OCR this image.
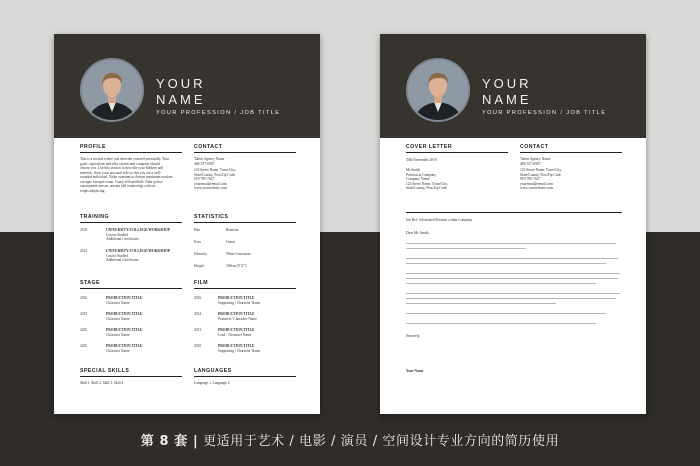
YOUR
NAME
YOUR PROFESSION / JOB TITLE
PROFILE
This is a section where you describe yourself personally. Your
goals, aspirations and why a particular company should
choose you. Use this section to describe your hobbies and
interests, show your personal side so that you are a well-
rounded individual. Value avantum ut dictum maximum nortiam
corrupte extrupte eaum. Cumy efficantiSolit. Nam qoloce
consequente mexae, aoteaia cdtl tenim ritigt volu est
eropis adipiscing.
CONTACT
Talent Agency Name
468-537-6987
123 Street Name, Town/City,
State/County, Post/Zip Code
919-785-7627
youremail@email.com
www.yourwebsite.com
TRAINING
2018	UNIVERSITY/COLLEGE/WORKSHOP
Course Studied
Additional Certificates
2012	UNIVERSITY/COLLEGE/WORKSHOP
Course Studied
Additional Certificates
STATISTICS
Hair	Brunette
Eyes	Green
Ethnicity	White Caucasian
Height	180cm (5'11")
STAGE
2016	PRODUCTION TITLE
Character Name
2015	PRODUCTION TITLE
Character Name
2010	PRODUCTION TITLE
Character Name
2010	PRODUCTION TITLE
Character Name
FILM
2016	PRODUCTION TITLE
Supporting / Character Name
2014	PRODUCTION TITLE
Featured / Character Name
2013	PRODUCTION TITLE
Lead / Character Name
2010	PRODUCTION TITLE
Supporting / Character Name
SPECIAL SKILLS
Skill 1, Skill 2, Skill 3, Skill 4
LANGUAGES
Language 1, Language 2
YOUR
NAME
YOUR PROFESSION / JOB TITLE
COVER LETTER
30th November 2018
Mr Smith
Position at Company
Company Name
123 Street Name, Town/City,
State/County, Post/Zip Code
CONTACT
Talent Agency Name
468-537-6987
123 Street Name, Town/City,
State/County, Post/Zip Code
919-785-7627
youremail@email.com
www.yourwebsite.com
Job Ref: Advertised Position within Company
Dear Mr. Smith,
Sincerely,
Your Name
第 8 套 | 更适用于艺术 / 电影 / 演员 / 空间设计专业方向的简历使用
